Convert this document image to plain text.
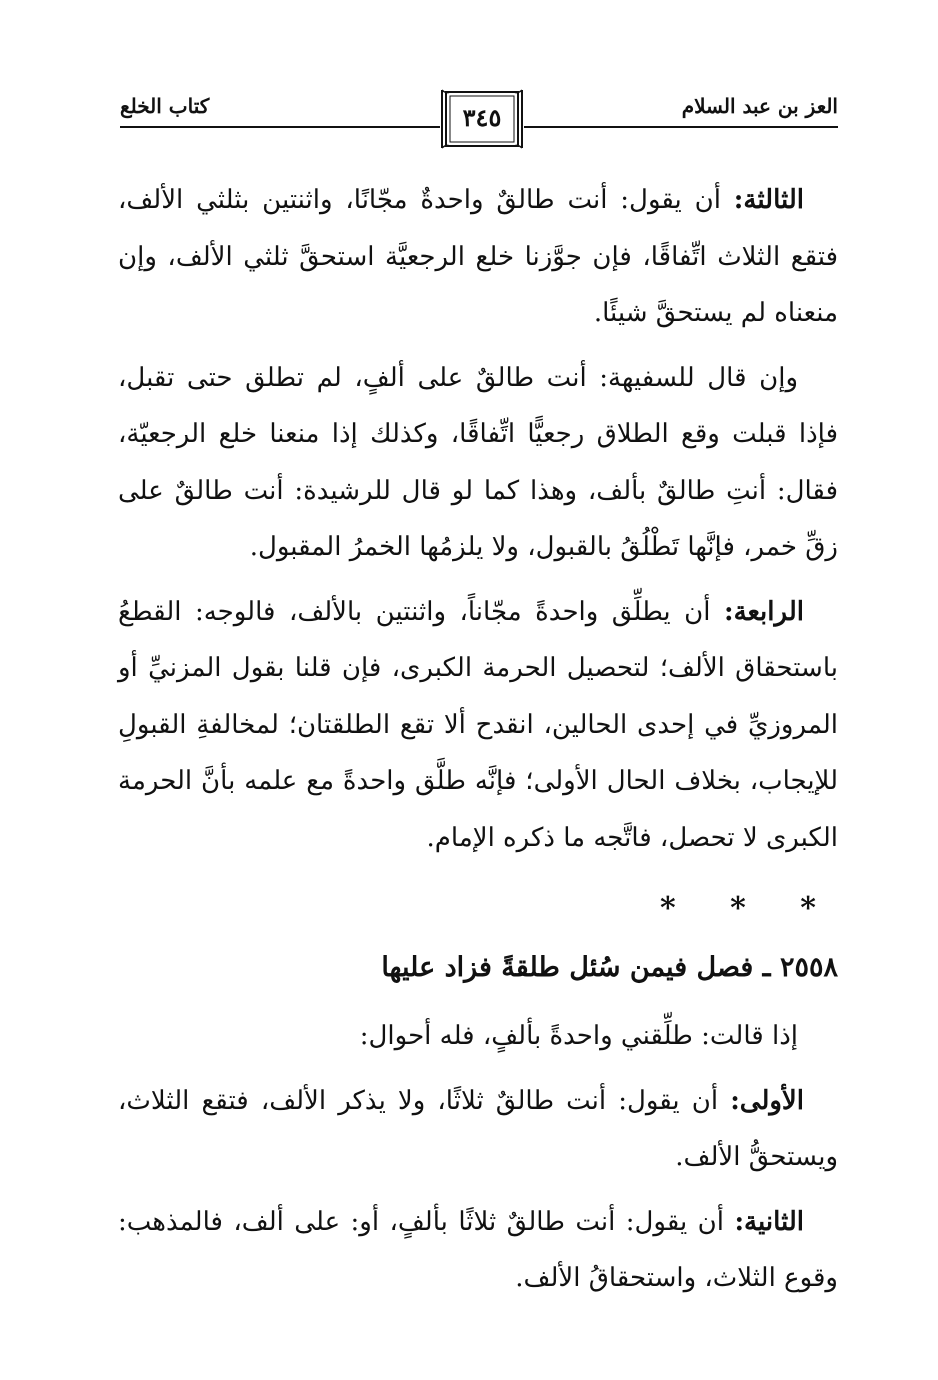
العز بن عبد السلام
كتاب الخلع	٣٤٥

الثالثة: أن يقول: أنت طالقٌ واحدةٌ مجّانًا، واثنتين بثلثي الألف، فتقع الثلاث اتِّفاقًا، فإن جوَّزنا خلع الرجعيَّة استحقَّ ثلثي الألف، وإن منعناه لم يستحقَّ شيئًا.

وإن قال للسفيهة: أنت طالقٌ على ألفٍ، لم تطلق حتى تقبل، فإذا قبلت وقع الطلاق رجعيًّا اتِّفاقًا، وكذلك إذا منعنا خلع الرجعيّة، فقال: أنتِ طالقٌ بألف، وهذا كما لو قال للرشيدة: أنت طالقٌ على زقِّ خمر، فإنَّها تَطْلُقُ بالقبول، ولا يلزمُها الخمرُ المقبول.

الرابعة: أن يطلِّق واحدةً مجّاناً، واثنتين بالألف، فالوجه: القطعُ باستحقاق الألف؛ لتحصيل الحرمة الكبرى، فإن قلنا بقول المزنيِّ أو المروزيِّ في إحدى الحالين، انقدح ألا تقع الطلقتان؛ لمخالفةِ القبولِ للإيجاب، بخلاف الحال الأولى؛ فإنَّه طلَّق واحدةً مع علمه بأنَّ الحرمة الكبرى لا تحصل، فاتَّجه ما ذكره الإمام.

* * *
٢٥٥٨ ـ فصل فيمن سُئل طلقةً فزاد عليها

إذا قالت: طلِّقني واحدةً بألفٍ، فله أحوال:

الأولى: أن يقول: أنت طالقٌ ثلاثًا، ولا يذكر الألف، فتقع الثلاث، ويستحقُّ الألف.

الثانية: أن يقول: أنت طالقٌ ثلاثًا بألفٍ، أو: على ألف، فالمذهب: وقوع الثلاث، واستحقاقُ الألف.
